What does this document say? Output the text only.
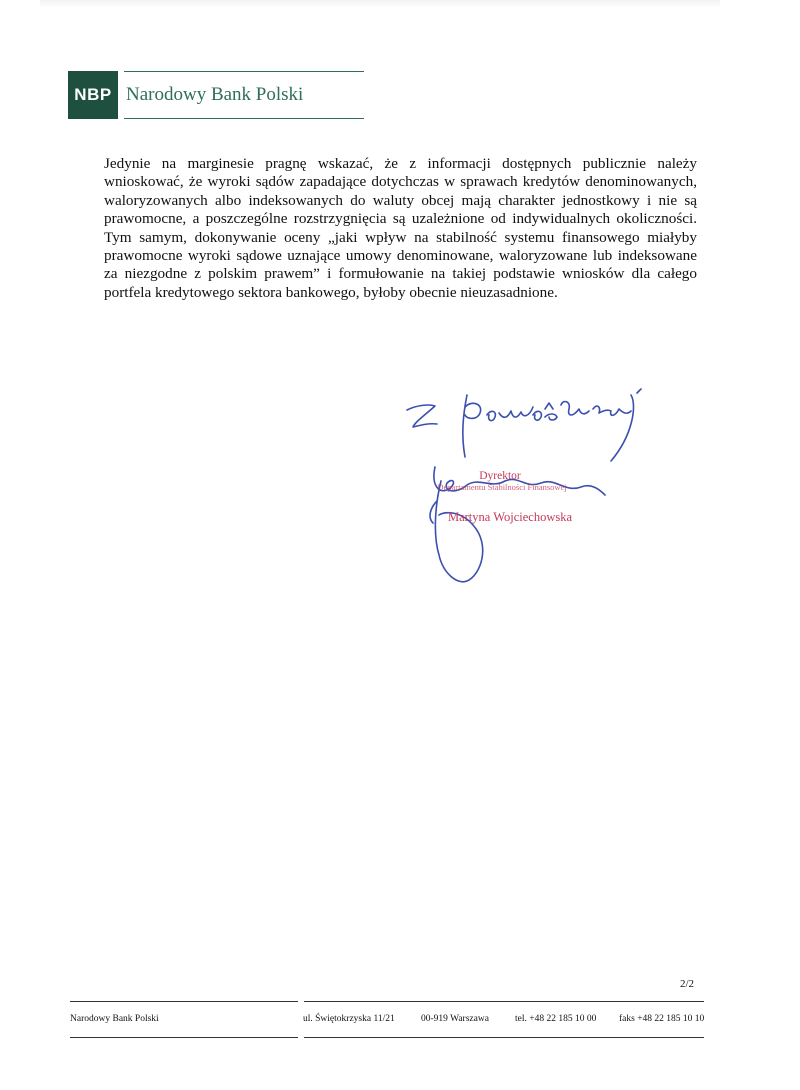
NBP Narodowy Bank Polski

Jedynie na marginesie pragnę wskazać, że z informacji dostępnych publicznie należy wnioskować, że wyroki sądów zapadające dotychczas w sprawach kredytów denominowanych, waloryzowanych albo indeksowanych do waluty obcej mają charakter jednostkowy i nie są prawomocne, a poszczególne rozstrzygnięcia są uzależnione od indywidualnych okoliczności. Tym samym, dokonywanie oceny „jaki wpływ na stabilność systemu finansowego miałyby prawomocne wyroki sądowe uznające umowy denominowane, waloryzowane lub indeksowane za niezgodne z polskim prawem” i formułowanie na takiej podstawie wniosków dla całego portfela kredytowego sektora bankowego, byłoby obecnie nieuzasadnione.

Dyrektor
Departamentu Stabilności Finansowej
Martyna Wojciechowska
2/2
Narodowy Bank Polski	ul. Świętokrzyska 11/21	00-919 Warszawa	tel. +48 22 185 10 00 faks +48 22 185 10 10
